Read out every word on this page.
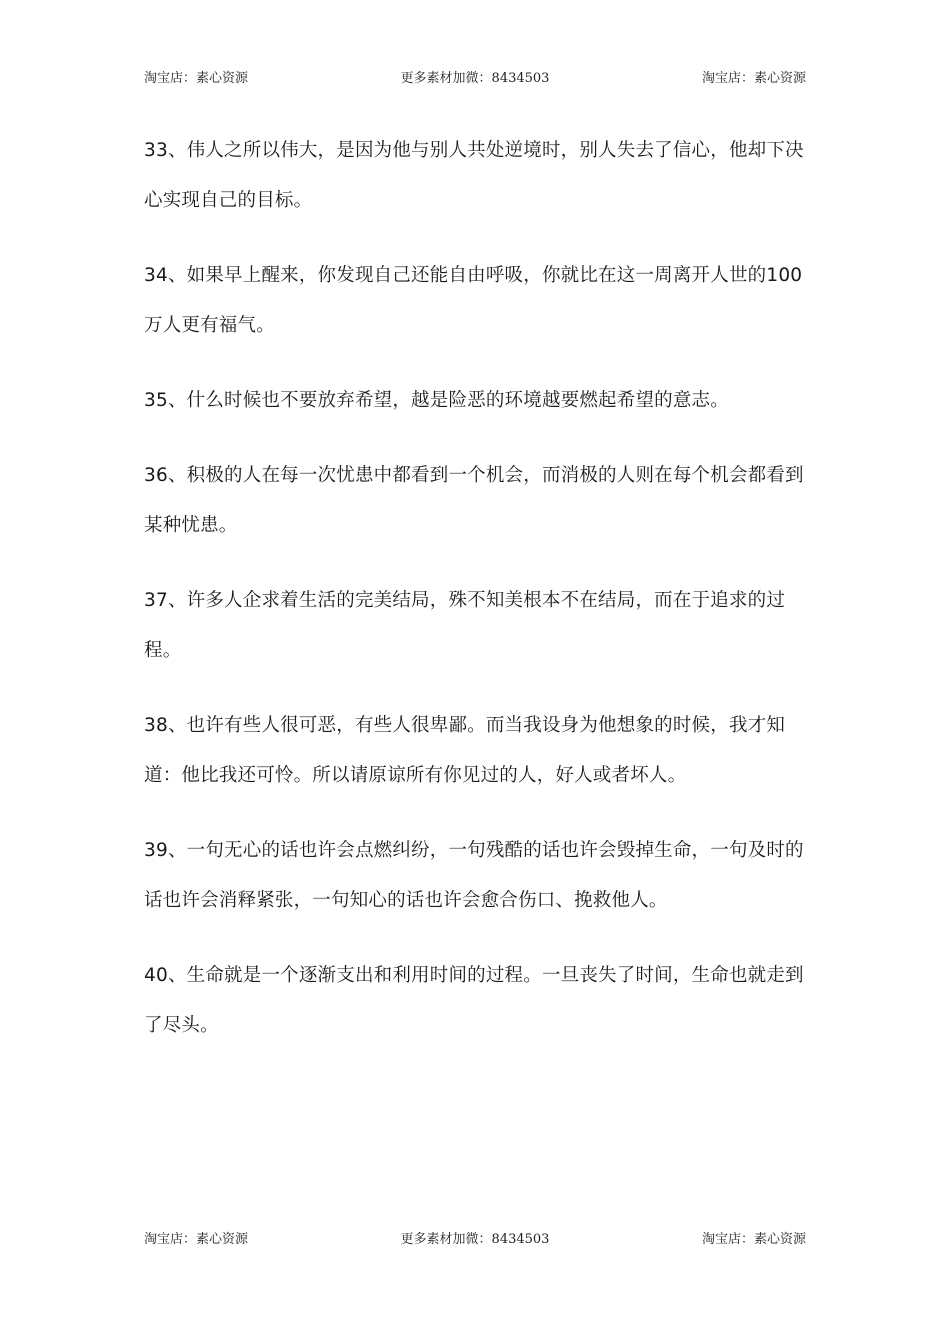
淘宝店：素心资源	更多素材加微：8434503	淘宝店：素心资源

33、伟人之所以伟大，是因为他与别人共处逆境时，别人失去了信心，他却下决心实现自己的目标。

34、如果早上醒来，你发现自己还能自由呼吸，你就比在这一周离开人世的100万人更有福气。

35、什么时候也不要放弃希望，越是险恶的环境越要燃起希望的意志。

36、积极的人在每一次忧患中都看到一个机会，而消极的人则在每个机会都看到某种忧患。

37、许多人企求着生活的完美结局，殊不知美根本不在结局，而在于追求的过程。

38、也许有些人很可恶，有些人很卑鄙。而当我设身为他想象的时候，我才知道：他比我还可怜。所以请原谅所有你见过的人，好人或者坏人。

39、一句无心的话也许会点燃纠纷，一句残酷的话也许会毁掉生命，一句及时的话也许会消释紧张，一句知心的话也许会愈合伤口、挽救他人。

40、生命就是一个逐渐支出和利用时间的过程。一旦丧失了时间，生命也就走到了尽头。

淘宝店：素心资源	更多素材加微：8434503	淘宝店：素心资源
